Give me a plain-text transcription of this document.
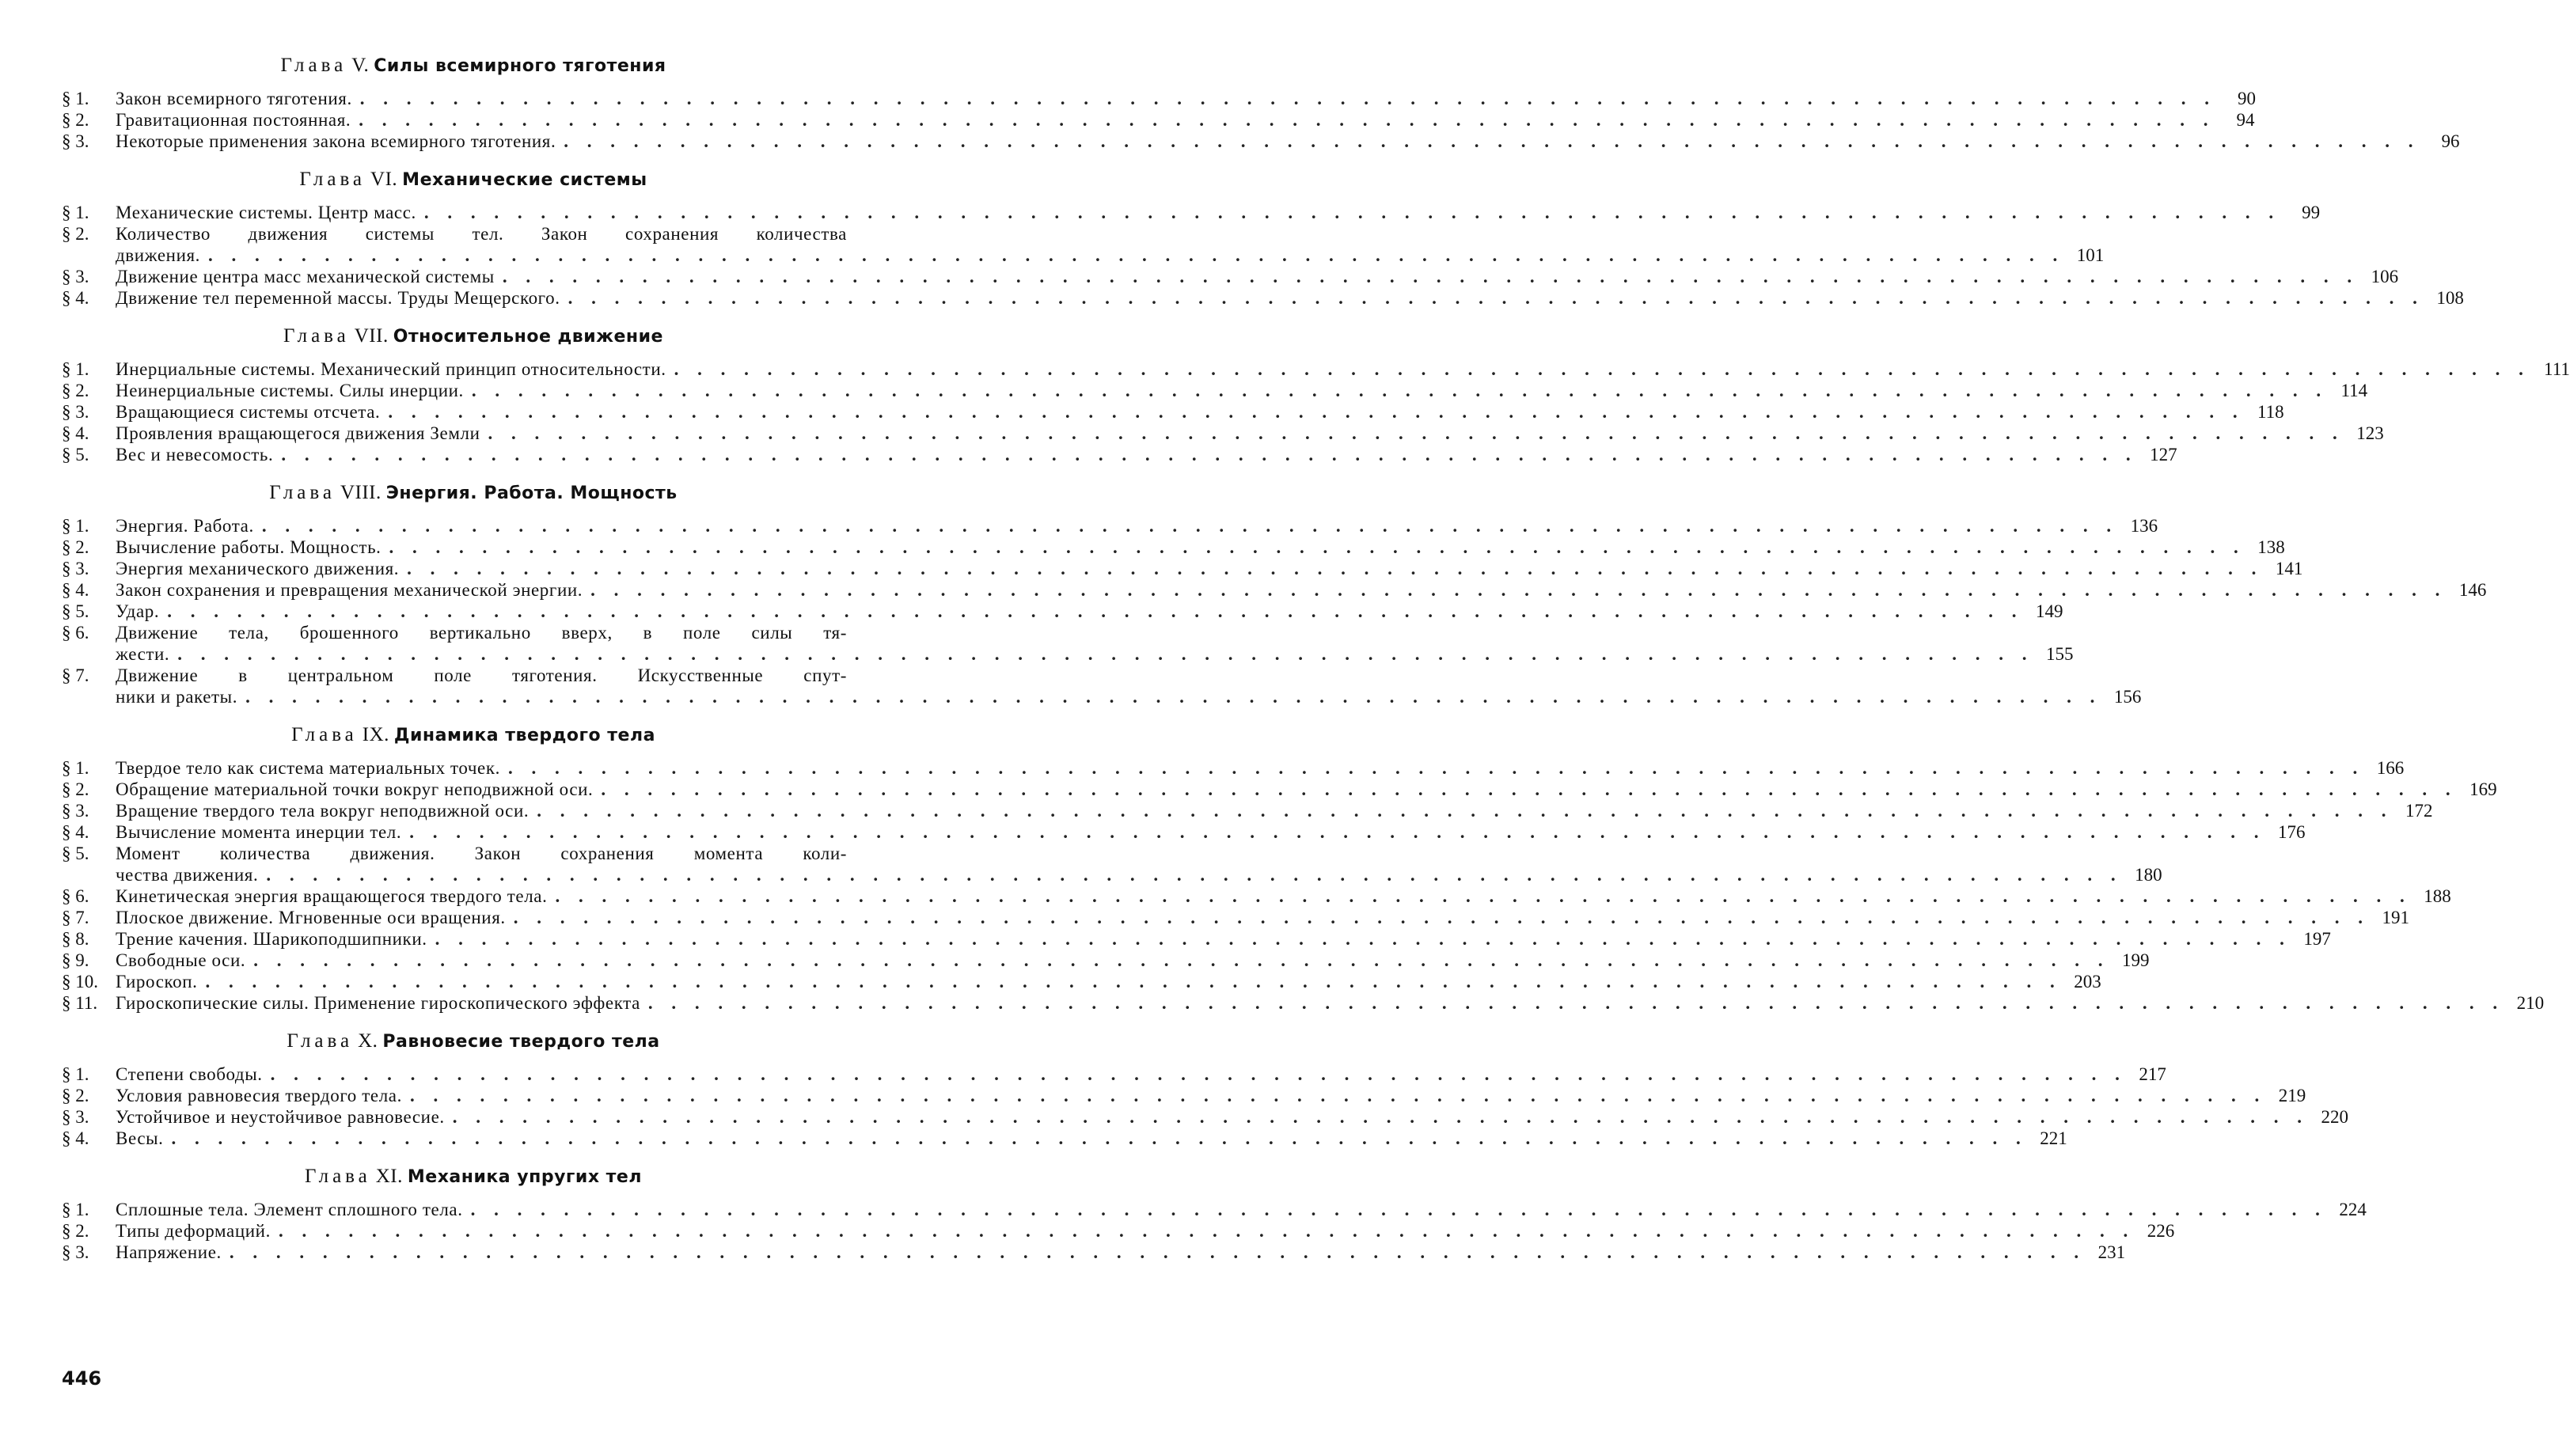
Глава V. Силы всемирного тяготения
§ 1.	Закон всемирного тяготения. . . . . . . . . . . . . . . . . . . . . . . . . . . . . . . . . . . . . . . . . . . . . . . . . . . . . . . . . . . . . . . . . . . . . . . . . . . . . . . . .	90
§ 2.	Гравитационная постоянная. . . . . . . . . . . . . . . . . . . . . . . . . . . . . . . . . . . . . . . . . . . . . . . . . . . . . . . . . . . . . . . . . . . . . . . . . . . . . . . . .	94
§ 3.	Некоторые применения закона всемирного тяготения. . . . . . . . . . . . . . . . . . . . . . . . . . . . . . . . . . . . . . . . . . . . . . . . . . . . . . . . . . . . . . . . . . . . . . . . . . . . . . . . .	96
Глава VI. Механические системы
§ 1.	Механические системы. Центр масс. . . . . . . . . . . . . . . . . . . . . . . . . . . . . . . . . . . . . . . . . . . . . . . . . . . . . . . . . . . . . . . . . . . . . . . . . . . . . . . . .	99
§ 2.	Количество движения системы тел. Закон сохранения количества
движения. . . . . . . . . . . . . . . . . . . . . . . . . . . . . . . . . . . . . . . . . . . . . . . . . . . . . . . . . . . . . . . . . . . . . . . . . . . . . . . . . 101
§ 3.	Движение центра масс механической системы . . . . . . . . . . . . . . . . . . . . . . . . . . . . . . . . . . . . . . . . . . . . . . . . . . . . . . . . . . . . . . . . . . . . . . . . . . . . . . . . 106
§ 4.	Движение тел переменной массы. Труды Мещерского. . . . . . . . . . . . . . . . . . . . . . . . . . . . . . . . . . . . . . . . . . . . . . . . . . . . . . . . . . . . . . . . . . . . . . . . . . . . . . . . . 108
Глава VII. Относительное движение
§ 1.	Инерциальные системы. Механический принцип относительности. . . . . . . . . . . . . . . . . . . . . . . . . . . . . . . . . . . . . . . . . . . . . . . . . . . . . . . . . . . . . . . . . . . . . . . . . . . . . . . . . 111
§ 2.	Неинерциальные системы. Силы инерции. . . . . . . . . . . . . . . . . . . . . . . . . . . . . . . . . . . . . . . . . . . . . . . . . . . . . . . . . . . . . . . . . . . . . . . . . . . . . . . . . 114
§ 3.	Вращающиеся системы отсчета. . . . . . . . . . . . . . . . . . . . . . . . . . . . . . . . . . . . . . . . . . . . . . . . . . . . . . . . . . . . . . . . . . . . . . . . . . . . . . . . . 118
§ 4.	Проявления вращающегося движения Земли . . . . . . . . . . . . . . . . . . . . . . . . . . . . . . . . . . . . . . . . . . . . . . . . . . . . . . . . . . . . . . . . . . . . . . . . . . . . . . . . 123
§ 5.	Вес и невесомость. . . . . . . . . . . . . . . . . . . . . . . . . . . . . . . . . . . . . . . . . . . . . . . . . . . . . . . . . . . . . . . . . . . . . . . . . . . . . . . . . 127
Глава VIII. Энергия. Работа. Мощность
§ 1.	Энергия. Работа. . . . . . . . . . . . . . . . . . . . . . . . . . . . . . . . . . . . . . . . . . . . . . . . . . . . . . . . . . . . . . . . . . . . . . . . . . . . . . . . . 136
§ 2.	Вычисление работы. Мощность. . . . . . . . . . . . . . . . . . . . . . . . . . . . . . . . . . . . . . . . . . . . . . . . . . . . . . . . . . . . . . . . . . . . . . . . . . . . . . . . . 138
§ 3.	Энергия механического движения. . . . . . . . . . . . . . . . . . . . . . . . . . . . . . . . . . . . . . . . . . . . . . . . . . . . . . . . . . . . . . . . . . . . . . . . . . . . . . . . . 141
§ 4.	Закон сохранения и превращения механической энергии. . . . . . . . . . . . . . . . . . . . . . . . . . . . . . . . . . . . . . . . . . . . . . . . . . . . . . . . . . . . . . . . . . . . . . . . . . . . . . . . . 146
§ 5.	Удар. . . . . . . . . . . . . . . . . . . . . . . . . . . . . . . . . . . . . . . . . . . . . . . . . . . . . . . . . . . . . . . . . . . . . . . . . . . . . . . . . 149
§ 6.	Движение тела, брошенного вертикально вверх, в поле силы тя-
жести. . . . . . . . . . . . . . . . . . . . . . . . . . . . . . . . . . . . . . . . . . . . . . . . . . . . . . . . . . . . . . . . . . . . . . . . . . . . . . . . . 155
§ 7.	Движение в центральном поле тяготения. Искусственные спут-
ники и ракеты. . . . . . . . . . . . . . . . . . . . . . . . . . . . . . . . . . . . . . . . . . . . . . . . . . . . . . . . . . . . . . . . . . . . . . . . . . . . . . . . . 156
Глава IX. Динамика твердого тела
§ 1.	Твердое тело как система материальных точек. . . . . . . . . . . . . . . . . . . . . . . . . . . . . . . . . . . . . . . . . . . . . . . . . . . . . . . . . . . . . . . . . . . . . . . . . . . . . . . . . 166
§ 2.	Обращение материальной точки вокруг неподвижной оси. . . . . . . . . . . . . . . . . . . . . . . . . . . . . . . . . . . . . . . . . . . . . . . . . . . . . . . . . . . . . . . . . . . . . . . . . . . . . . . . . 169
§ 3.	Вращение твердого тела вокруг неподвижной оси. . . . . . . . . . . . . . . . . . . . . . . . . . . . . . . . . . . . . . . . . . . . . . . . . . . . . . . . . . . . . . . . . . . . . . . . . . . . . . . . . 172
§ 4.	Вычисление момента инерции тел. . . . . . . . . . . . . . . . . . . . . . . . . . . . . . . . . . . . . . . . . . . . . . . . . . . . . . . . . . . . . . . . . . . . . . . . . . . . . . . . . 176
§ 5.	Момент количества движения. Закон сохранения момента коли-
чества движения. . . . . . . . . . . . . . . . . . . . . . . . . . . . . . . . . . . . . . . . . . . . . . . . . . . . . . . . . . . . . . . . . . . . . . . . . . . . . . . . . 180
§ 6.	Кинетическая энергия вращающегося твердого тела. . . . . . . . . . . . . . . . . . . . . . . . . . . . . . . . . . . . . . . . . . . . . . . . . . . . . . . . . . . . . . . . . . . . . . . . . . . . . . . . . 188
§ 7.	Плоское движение. Мгновенные оси вращения. . . . . . . . . . . . . . . . . . . . . . . . . . . . . . . . . . . . . . . . . . . . . . . . . . . . . . . . . . . . . . . . . . . . . . . . . . . . . . . . . 191
§ 8.	Трение качения. Шарикоподшипники. . . . . . . . . . . . . . . . . . . . . . . . . . . . . . . . . . . . . . . . . . . . . . . . . . . . . . . . . . . . . . . . . . . . . . . . . . . . . . . . . 197
§ 9.	Свободные оси. . . . . . . . . . . . . . . . . . . . . . . . . . . . . . . . . . . . . . . . . . . . . . . . . . . . . . . . . . . . . . . . . . . . . . . . . . . . . . . . . 199
§ 10. Гироскоп. . . . . . . . . . . . . . . . . . . . . . . . . . . . . . . . . . . . . . . . . . . . . . . . . . . . . . . . . . . . . . . . . . . . . . . . . . . . . . . . . 203
§ 11. Гироскопические силы. Применение гироскопического эффекта . . . . . . . . . . . . . . . . . . . . . . . . . . . . . . . . . . . . . . . . . . . . . . . . . . . . . . . . . . . . . . . . . . . . . . . . . . . . . . . . 210
Глава X. Равновесие твердого тела
§ 1.	Степени свободы. . . . . . . . . . . . . . . . . . . . . . . . . . . . . . . . . . . . . . . . . . . . . . . . . . . . . . . . . . . . . . . . . . . . . . . . . . . . . . . . . 217
§ 2.	Условия равновесия твердого тела. . . . . . . . . . . . . . . . . . . . . . . . . . . . . . . . . . . . . . . . . . . . . . . . . . . . . . . . . . . . . . . . . . . . . . . . . . . . . . . . . 219
§ 3.	Устойчивое и неустойчивое равновесие. . . . . . . . . . . . . . . . . . . . . . . . . . . . . . . . . . . . . . . . . . . . . . . . . . . . . . . . . . . . . . . . . . . . . . . . . . . . . . . . . 220
§ 4.	Весы. . . . . . . . . . . . . . . . . . . . . . . . . . . . . . . . . . . . . . . . . . . . . . . . . . . . . . . . . . . . . . . . . . . . . . . . . . . . . . . . . 221
Глава XI. Механика упругих тел
§ 1.	Сплошные тела. Элемент сплошного тела. . . . . . . . . . . . . . . . . . . . . . . . . . . . . . . . . . . . . . . . . . . . . . . . . . . . . . . . . . . . . . . . . . . . . . . . . . . . . . . . . 224
§ 2.	Типы деформаций. . . . . . . . . . . . . . . . . . . . . . . . . . . . . . . . . . . . . . . . . . . . . . . . . . . . . . . . . . . . . . . . . . . . . . . . . . . . . . . . . 226
§ 3.	Напряжение. . . . . . . . . . . . . . . . . . . . . . . . . . . . . . . . . . . . . . . . . . . . . . . . . . . . . . . . . . . . . . . . . . . . . . . . . . . . . . . . . 231
446
